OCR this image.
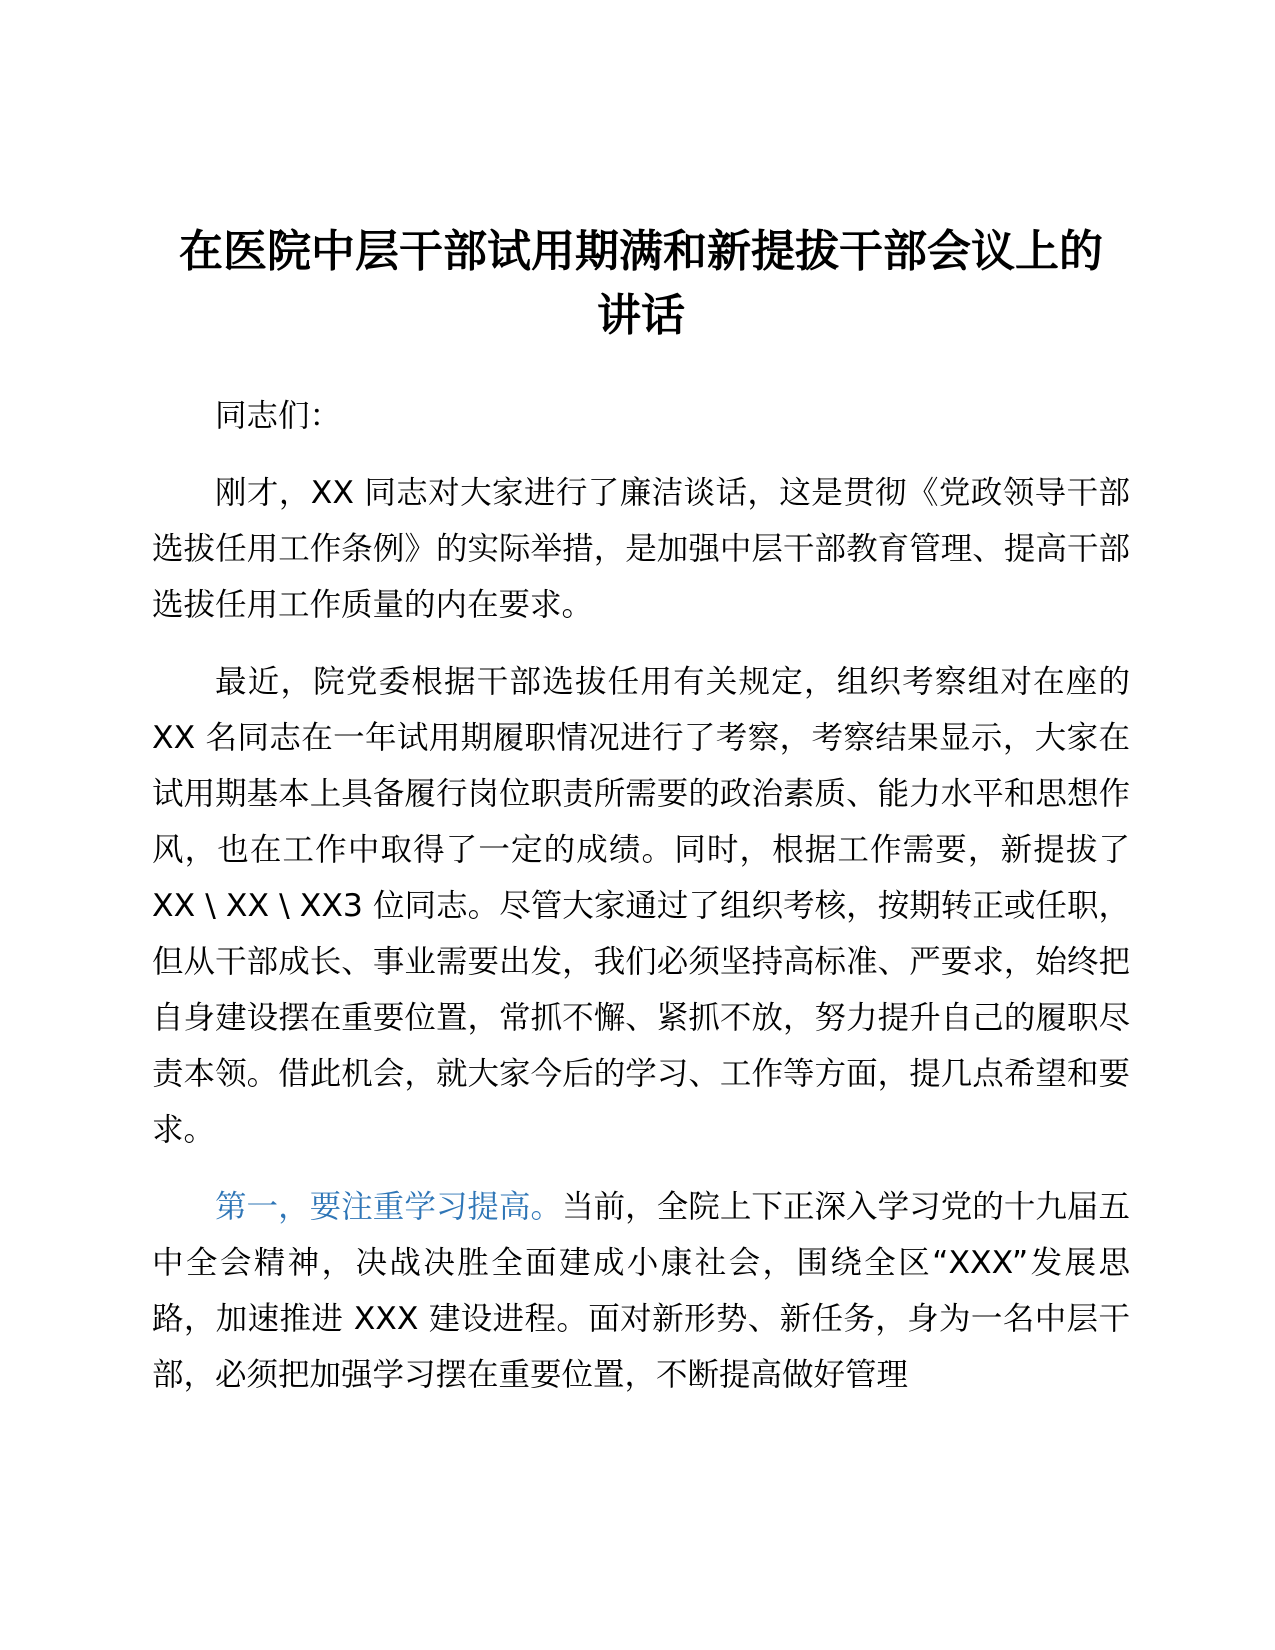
在医院中层干部试用期满和新提拔干部会议上的
讲话

同志们：

刚才，XX 同志对大家进行了廉洁谈话，这是贯彻《党政领导干部选拔任用工作条例》的实际举措，是加强中层干部教育管理、提高干部选拔任用工作质量的内在要求。

最近，院党委根据干部选拔任用有关规定，组织考察组对在座的 XX 名同志在一年试用期履职情况进行了考察，考察结果显示，大家在试用期基本上具备履行岗位职责所需要的政治素质、能力水平和思想作风，也在工作中取得了一定的成绩。同时，根据工作需要，新提拔了 XX \ XX \ XX3 位同志。尽管大家通过了组织考核，按期转正或任职，但从干部成长、事业需要出发，我们必须坚持高标准、严要求，始终把自身建设摆在重要位置，常抓不懈、紧抓不放，努力提升自己的履职尽责本领。借此机会，就大家今后的学习、工作等方面，提几点希望和要求。

第一，要注重学习提高。当前，全院上下正深入学习党的十九届五中全会精神，决战决胜全面建成小康社会，围绕全区“XXX”发展思路，加速推进 XXX 建设进程。面对新形势、新任务，身为一名中层干部，必须把加强学习摆在重要位置，不断提高做好管理
